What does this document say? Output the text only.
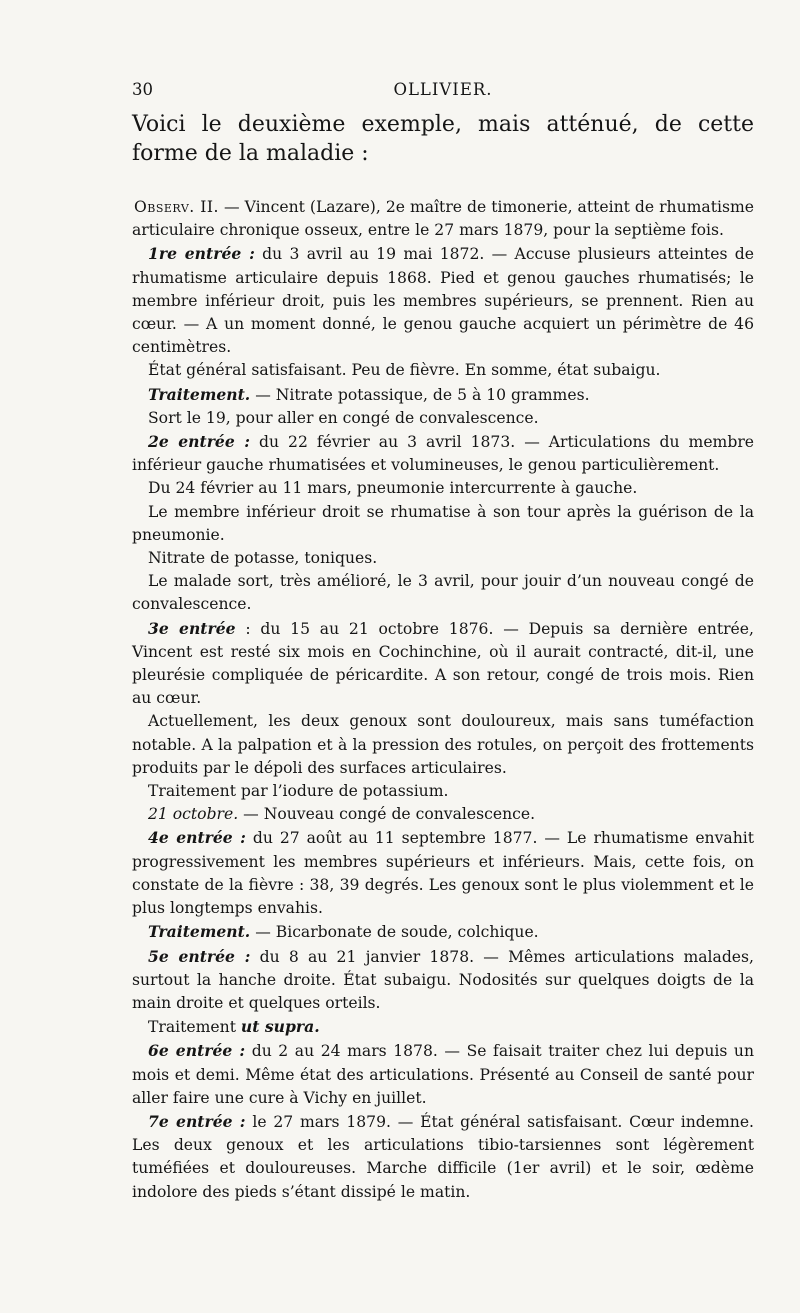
30	OLLIVIER.

Voici le deuxième exemple, mais atténué, de cette forme de la maladie :

Observ. II. — Vincent (Lazare), 2e maître de timonerie, atteint de rhumatisme articulaire chronique osseux, entre le 27 mars 1879, pour la septième fois.

1re entrée : du 3 avril au 19 mai 1872. — Accuse plusieurs atteintes de rhumatisme articulaire depuis 1868. Pied et genou gauches rhumatisés; le membre inférieur droit, puis les membres supérieurs, se prennent. Rien au cœur. — A un moment donné, le genou gauche acquiert un périmètre de 46 centimètres.

État général satisfaisant. Peu de fièvre. En somme, état subaigu.

Traitement. — Nitrate potassique, de 5 à 10 grammes.

Sort le 19, pour aller en congé de convalescence.

2e entrée : du 22 février au 3 avril 1873. — Articulations du membre inférieur gauche rhumatisées et volumineuses, le genou particulièrement.

Du 24 février au 11 mars, pneumonie intercurrente à gauche.

Le membre inférieur droit se rhumatise à son tour après la guérison de la pneumonie.

Nitrate de potasse, toniques.

Le malade sort, très amélioré, le 3 avril, pour jouir d’un nouveau congé de convalescence.

3e entrée : du 15 au 21 octobre 1876. — Depuis sa dernière entrée, Vincent est resté six mois en Cochinchine, où il aurait contracté, dit-il, une pleurésie compliquée de péricardite. A son retour, congé de trois mois. Rien au cœur.

Actuellement, les deux genoux sont douloureux, mais sans tuméfaction notable. A la palpation et à la pression des rotules, on perçoit des frottements produits par le dépoli des surfaces articulaires.

Traitement par l’iodure de potassium.

21 octobre. — Nouveau congé de convalescence.

4e entrée : du 27 août au 11 septembre 1877. — Le rhumatisme envahit progressivement les membres supérieurs et inférieurs. Mais, cette fois, on constate de la fièvre : 38, 39 degrés. Les genoux sont le plus violemment et le plus longtemps envahis.

Traitement. — Bicarbonate de soude, colchique.

5e entrée : du 8 au 21 janvier 1878. — Mêmes articulations malades, surtout la hanche droite. État subaigu. Nodosités sur quelques doigts de la main droite et quelques orteils.

Traitement ut supra.

6e entrée : du 2 au 24 mars 1878. — Se faisait traiter chez lui depuis un mois et demi. Même état des articulations. Présenté au Conseil de santé pour aller faire une cure à Vichy en juillet.

7e entrée : le 27 mars 1879. — État général satisfaisant. Cœur indemne. Les deux genoux et les articulations tibio-tarsiennes sont légèrement tuméfiées et douloureuses. Marche difficile (1er avril) et le soir, œdème indolore des pieds s’étant dissipé le matin.
